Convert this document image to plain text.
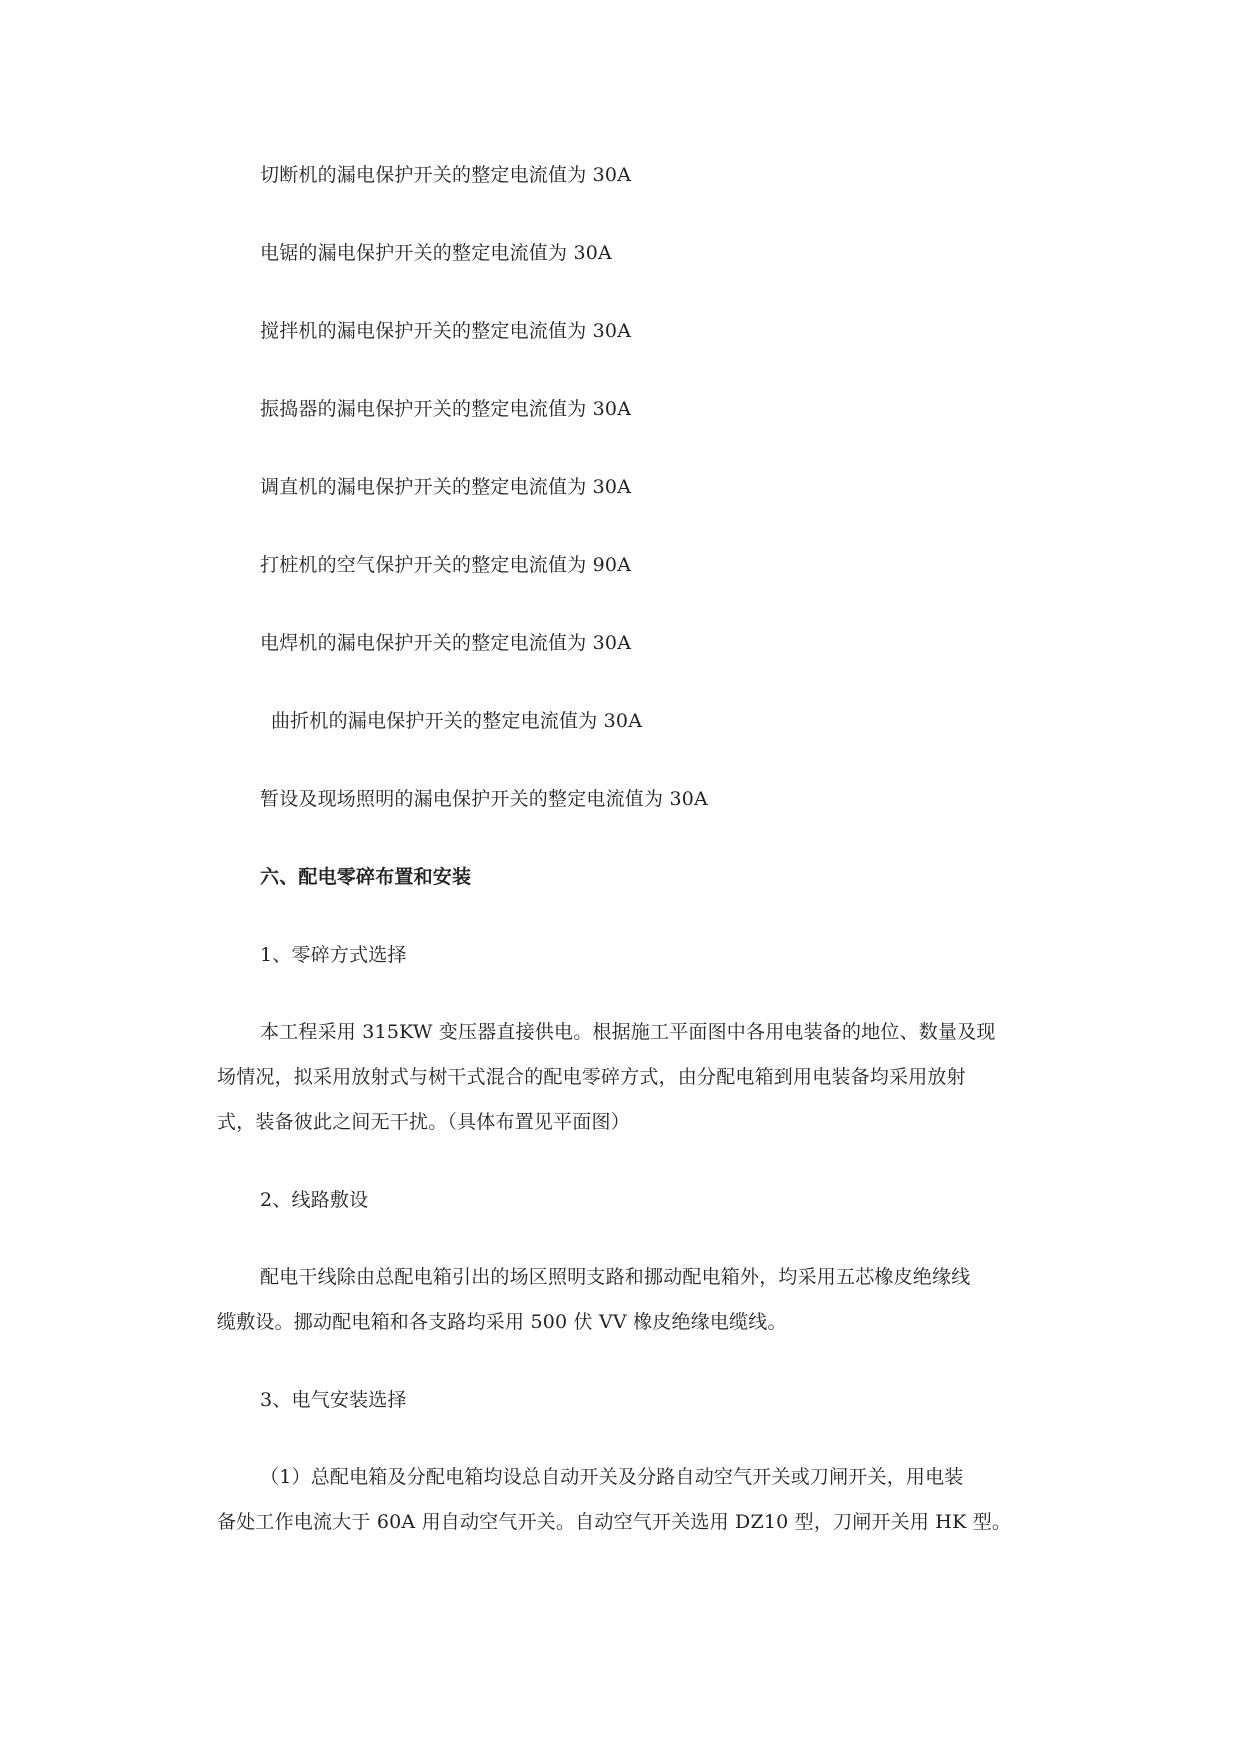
切断机的漏电保护开关的整定电流值为 30A
电锯的漏电保护开关的整定电流值为 30A
搅拌机的漏电保护开关的整定电流值为 30A
振捣器的漏电保护开关的整定电流值为 30A
调直机的漏电保护开关的整定电流值为 30A
打桩机的空气保护开关的整定电流值为 90A
电焊机的漏电保护开关的整定电流值为 30A
曲折机的漏电保护开关的整定电流值为 30A
暂设及现场照明的漏电保护开关的整定电流值为 30A
六、配电零碎布置和安装
1、零碎方式选择
本工程采用 315KW 变压器直接供电。根据施工平面图中各用电装备的地位、数量及现
场情况，拟采用放射式与树干式混合的配电零碎方式，由分配电箱到用电装备均采用放射
式，装备彼此之间无干扰。（具体布置见平面图）
2、线路敷设
配电干线除由总配电箱引出的场区照明支路和挪动配电箱外，均采用五芯橡皮绝缘线
缆敷设。挪动配电箱和各支路均采用 500 伏 VV 橡皮绝缘电缆线。
3、电气安装选择
（1）总配电箱及分配电箱均设总自动开关及分路自动空气开关或刀闸开关，用电装
备处工作电流大于 60A 用自动空气开关。自动空气开关选用 DZ10 型，刀闸开关用 HK 型。
